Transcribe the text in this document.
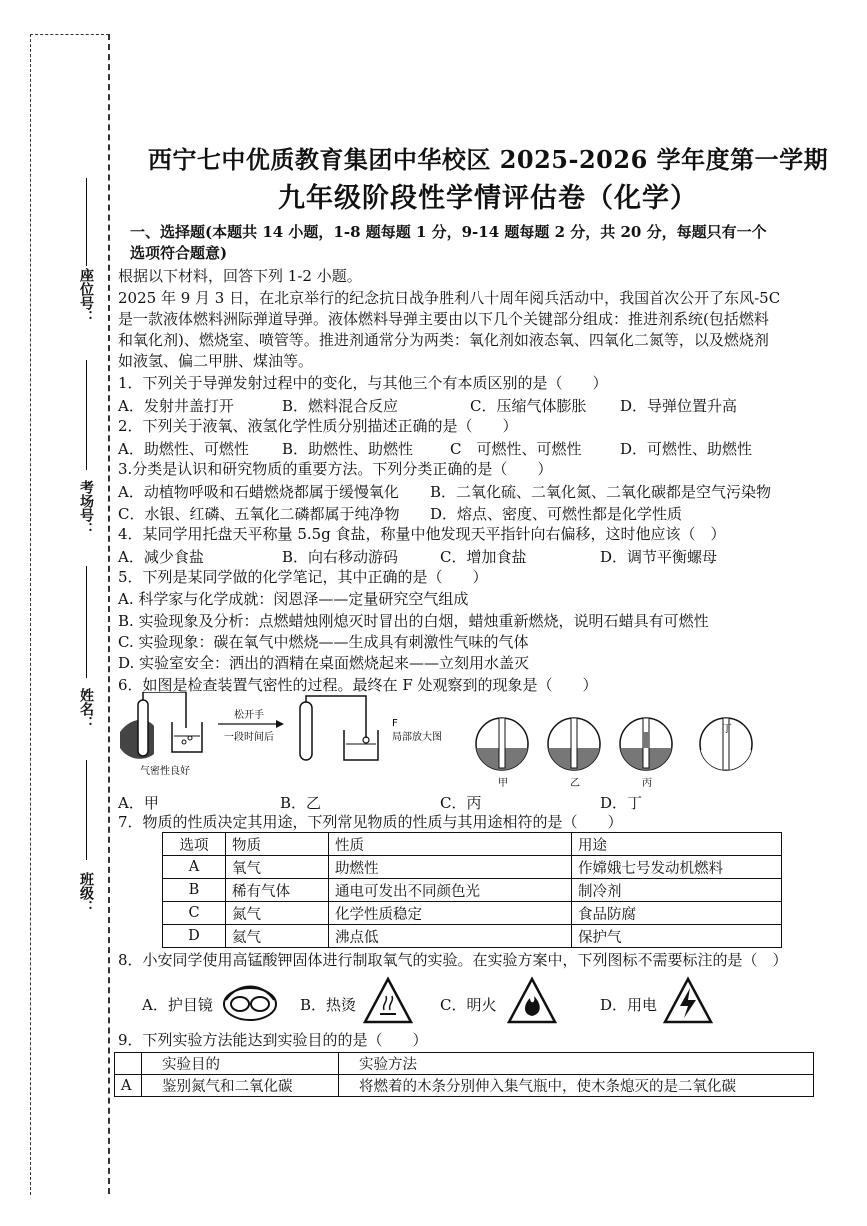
座位号：
考场号：
姓名：
班级：
西宁七中优质教育集团中华校区 2025-2026 学年度第一学期
九年级阶段性学情评估卷（化学）
一、选择题(本题共 14 小题，1-8 题每题 1 分，9-14 题每题 2 分，共 20 分，每题只有一个
选项符合题意)
根据以下材料，回答下列 1-2 小题。
2025 年 9 月 3 日，在北京举行的纪念抗日战争胜利八十周年阅兵活动中，我国首次公开了东风-5C
是一款液体燃料洲际弹道导弹。液体燃料导弹主要由以下几个关键部分组成：推进剂系统(包括燃料
和氧化剂)、燃烧室、喷管等。推进剂通常分为两类：氧化剂如液态氧、四氧化二氮等，以及燃烧剂
如液氢、偏二甲肼、煤油等。
1．下列关于导弹发射过程中的变化，与其他三个有本质区别的是（　　）
A．发射井盖打开	B．燃料混合反应	C．压缩气体膨胀 D．导弹位置升高
2．下列关于液氧、液氢化学性质分别描述正确的是（　　）
A．助燃性、可燃性 B．助燃性、助燃性 C　可燃性、可燃性	D．可燃性、助燃性
3.分类是认识和研究物质的重要方法。下列分类正确的是（　　）
A．动植物呼吸和石蜡燃烧都属于缓慢氧化 B．二氧化硫、二氧化氮、二氧化碳都是空气污染物
C．水银、红磷、五氧化二磷都属于纯净物 D．熔点、密度、可燃性都是化学性质
4．某同学用托盘天平称量 5.5g 食盐，称量中他发现天平指针向右偏移，这时他应该（　）
A．减少食盐	B．向右移动游码	C．增加食盐	D．调节平衡螺母
5．下列是某同学做的化学笔记，其中正确的是（　　）
A. 科学家与化学成就：闵恩泽——定量研究空气组成
B. 实验现象及分析：点燃蜡烛刚熄灭时冒出的白烟，蜡烛重新燃烧，说明石蜡具有可燃性
C. 实验现象：碳在氧气中燃烧——生成具有刺激性气味的气体
D. 实验室安全：洒出的酒精在桌面燃烧起来——立刻用水盖灭
6．如图是检查装置气密性的过程。最终在 F 处观察到的现象是（　　）
气密性良好
松开手
一段时间后
F
局部放大图
甲	乙	丙
丁
A．甲	B．乙	C．丙	D．丁
7．物质的性质决定其用途，下列常见物质的性质与其用途相符的是（　　）
选项	物质	性质	用途
A	氧气	助燃性	作嫦娥七号发动机燃料
B	稀有气体	通电可发出不同颜色光	制冷剂
C	氮气	化学性质稳定	食品防腐
D	氦气	沸点低	保护气
8．小安同学使用高锰酸钾固体进行制取氧气的实验。在实验方案中，下列图标不需要标注的是（　）
A．护目镜	B．热烫	C．明火	D．用电
9．下列实验方法能达到实验目的的是（　　）
	实验目的	实验方法
A	鉴别氮气和二氧化碳	将燃着的木条分别伸入集气瓶中，使木条熄灭的是二氧化碳
